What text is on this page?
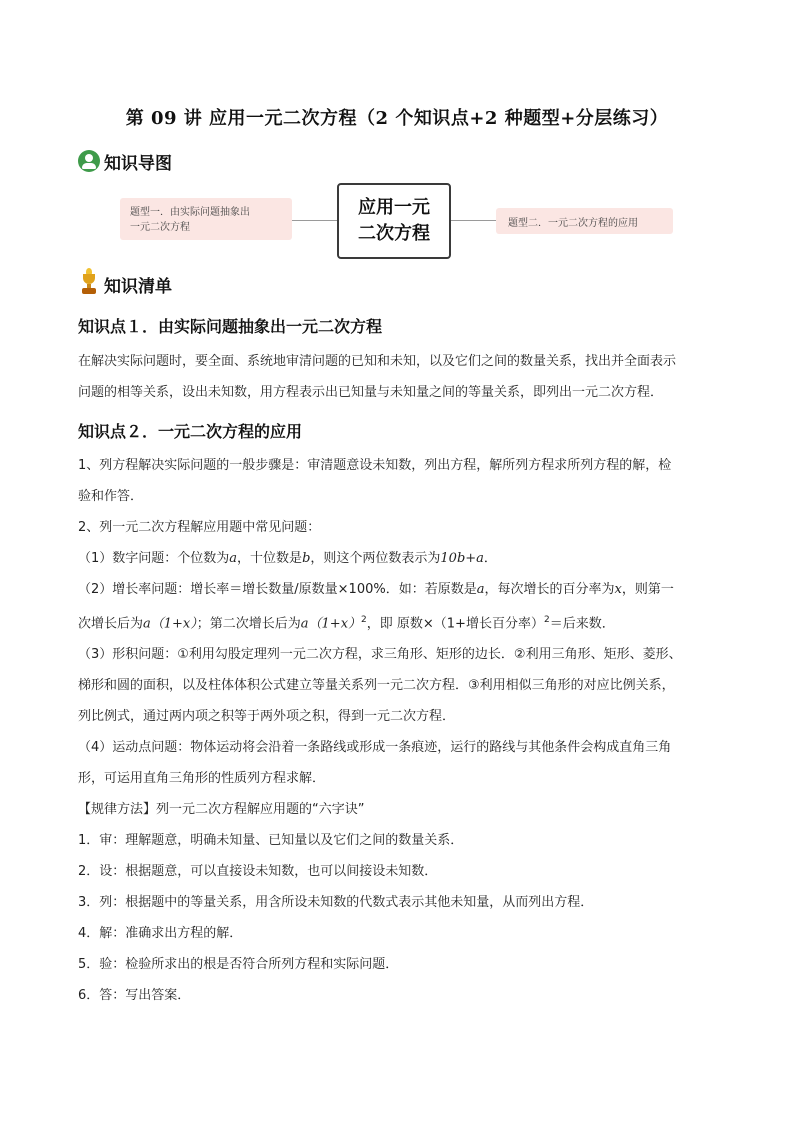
第 09 讲 应用一元二次方程（2 个知识点+2 种题型+分层练习）
知识导图
题型一．由实际问题抽象出
一元二次方程
应用一元二次方程	题型二．一元二次方程的应用
知识清单
知识点１．由实际问题抽象出一元二次方程

在解决实际问题时，要全面、系统地审清问题的已知和未知，以及它们之间的数量关系，找出并全面表示

问题的相等关系，设出未知数，用方程表示出已知量与未知量之间的等量关系，即列出一元二次方程．

知识点２．一元二次方程的应用

1、列方程解决实际问题的一般步骤是：审清题意设未知数，列出方程，解所列方程求所列方程的解，检

验和作答．

2、列一元二次方程解应用题中常见问题：

（1）数字问题：个位数为a，十位数是b，则这个两位数表示为10b+a．

（2）增长率问题：增长率＝增长数量/原数量×100%．如：若原数是a，每次增长的百分率为x，则第一

次增长后为a（1+x）；第二次增长后为$a(1+x)^2$，即 原数×（1+增长百分率）$^2$＝后来数．

（3）形积问题：①利用勾股定理列一元二次方程，求三角形、矩形的边长．②利用三角形、矩形、菱形、

梯形和圆的面积，以及柱体体积公式建立等量关系列一元二次方程．③利用相似三角形的对应比例关系，

列比例式，通过两内项之积等于两外项之积，得到一元二次方程．

（4）运动点问题：物体运动将会沿着一条路线或形成一条痕迹，运行的路线与其他条件会构成直角三角

形，可运用直角三角形的性质列方程求解．

【规律方法】列一元二次方程解应用题的“六字诀”

1．审：理解题意，明确未知量、已知量以及它们之间的数量关系．

2．设：根据题意，可以直接设未知数，也可以间接设未知数．

3．列：根据题中的等量关系，用含所设未知数的代数式表示其他未知量，从而列出方程．

4．解：准确求出方程的解．

5．验：检验所求出的根是否符合所列方程和实际问题．

6．答：写出答案．
